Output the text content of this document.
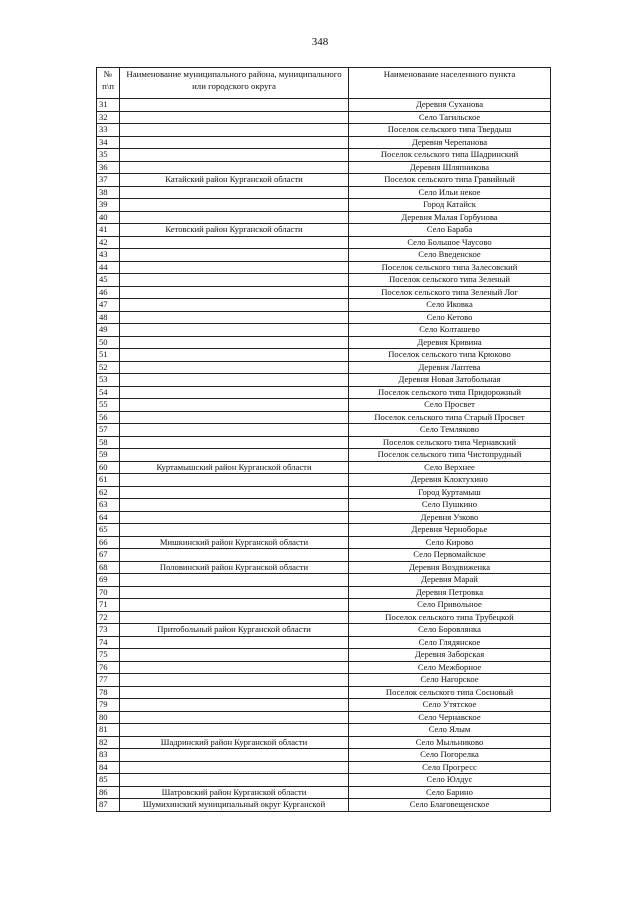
348
№ п\п	Наименование муниципального района, муниципального или городского округа	Наименование населенного пункта
31		Деревня Суханова
32		Село Тагильское
33		Поселок сельского типа Твердыш
34		Деревня Черепанова
35		Поселок сельского типа Шадринский
36		Деревня Шляпникова
37	Катайский район Курганской области	Поселок сельского типа Гравийный
38		Село Ильи некое
39		Город Катайск
40		Деревня Малая Горбунова
41	Кетовский район Курганской области	Село Бараба
42		Село Большое Чаусово
43		Село Введенское
44		Поселок сельского типа Залесовский
45		Поселок сельского типа Зеленый
46		Поселок сельского типа Зеленый Лог
47		Село Иковка
48		Село Кетово
49		Село Колташево
50		Деревня Кривина
51		Поселок сельского типа Крюково
52		Деревня Лаптева
53		Деревня Новая Затобольная
54		Поселок сельского типа Придорожный
55		Село Просвет
56		Поселок сельского типа Старый Просвет
57		Село Темляково
58		Поселок сельского типа Чернавский
59		Поселок сельского типа Чистопрудный
60	Куртамышский район Курганской области	Село Верхнее
61		Деревня Клоктухино
62		Город Куртамыш
63		Село Пушкино
64		Деревня Узково
65		Деревня Черноборье
66	Мишкинский район Курганской области	Село Кирово
67		Село Первомайское
68	Половинский район Курганской области	Деревня Воздвиженка
69		Деревня Марай
70		Деревня Петровка
71		Село Привольное
72		Поселок сельского типа Трубецкой
73	Притобольный район Курганской области	Село Боровлянка
74		Село Глядянское
75		Деревня Заборская
76		Село Межборное
77		Село Нагорское
78		Поселок сельского типа Сосновый
79		Село Утятское
80		Село Чернавское
81		Село Ялым
82	Шадринский район Курганской области	Село Мыльниково
83		Село Погорелка
84		Село Прогресс
85		Село Юлдус
86	Шатровский район Курганской области	Село Барино
87	Шумихинский муниципальный округ Курганской	Село Благовещенское
